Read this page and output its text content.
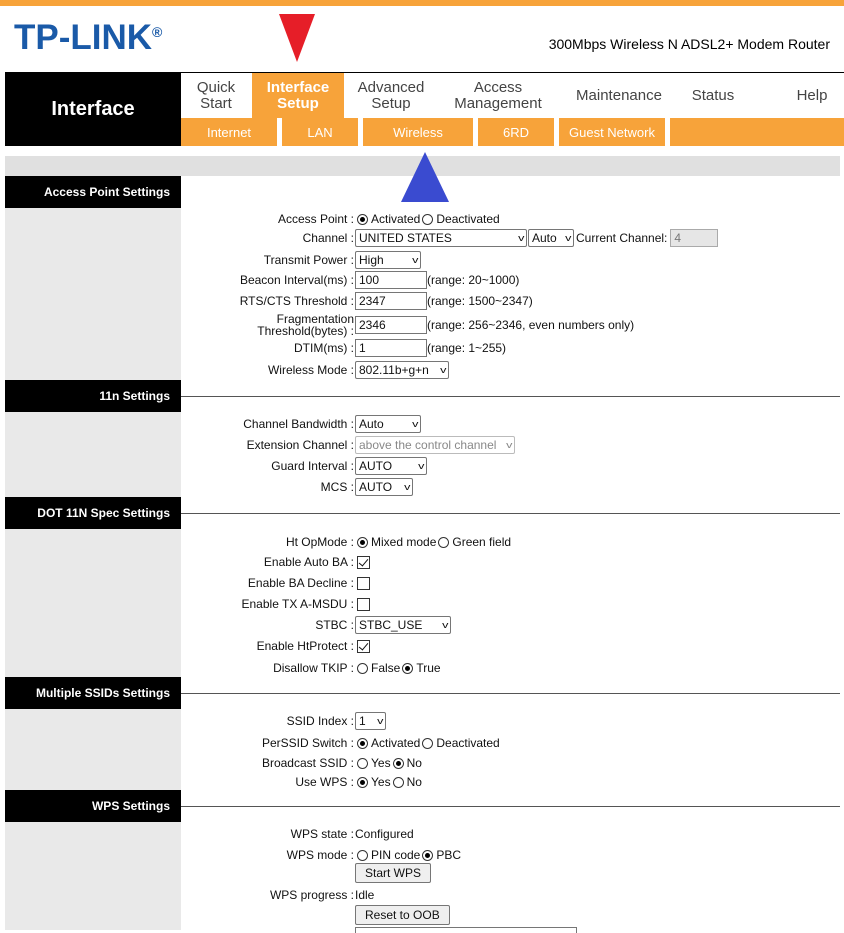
TP-LINK®
300Mbps Wireless N ADSL2+ Modem Router
Interface
Quick
Start
Interface
Setup
Advanced
Setup
Access
Management	Maintenance	Status	Help
Internet	LAN	Wireless	6RD	Guest Network
Access Point Settings
Access Point : Activated Deactivated
Channel : UNITED STATES	v Auto v Current Channel: 4
Transmit Power : High	v
Beacon Interval(ms) : 100	(range: 20~1000)
RTS/CTS Threshold : 2347	(range: 1500~2347)
Fragmentation
Threshold(bytes) : 2346	(range: 256~2346, even numbers only)
DTIM(ms) : 1	(range: 1~255)
Wireless Mode : 802.11b+g+n v
11n Settings
Channel Bandwidth : Auto	v
Extension Channel : above the control channel v
Guard Interval : AUTO	v
MCS : AUTO v
DOT 11N Spec Settings
Ht OpMode : Mixed mode Green field
Enable Auto BA :
Enable BA Decline :
Enable TX A-MSDU :
STBC : STBC_USE v
Enable HtProtect :
Disallow TKIP : False True
Multiple SSIDs Settings
SSID Index : 1 v
PerSSID Switch : Activated Deactivated
Broadcast SSID : Yes No
Use WPS : Yes No
WPS Settings
WPS state : Configured
WPS mode : PIN code PBC
Start WPS
WPS progress : Idle
Reset to OOB
